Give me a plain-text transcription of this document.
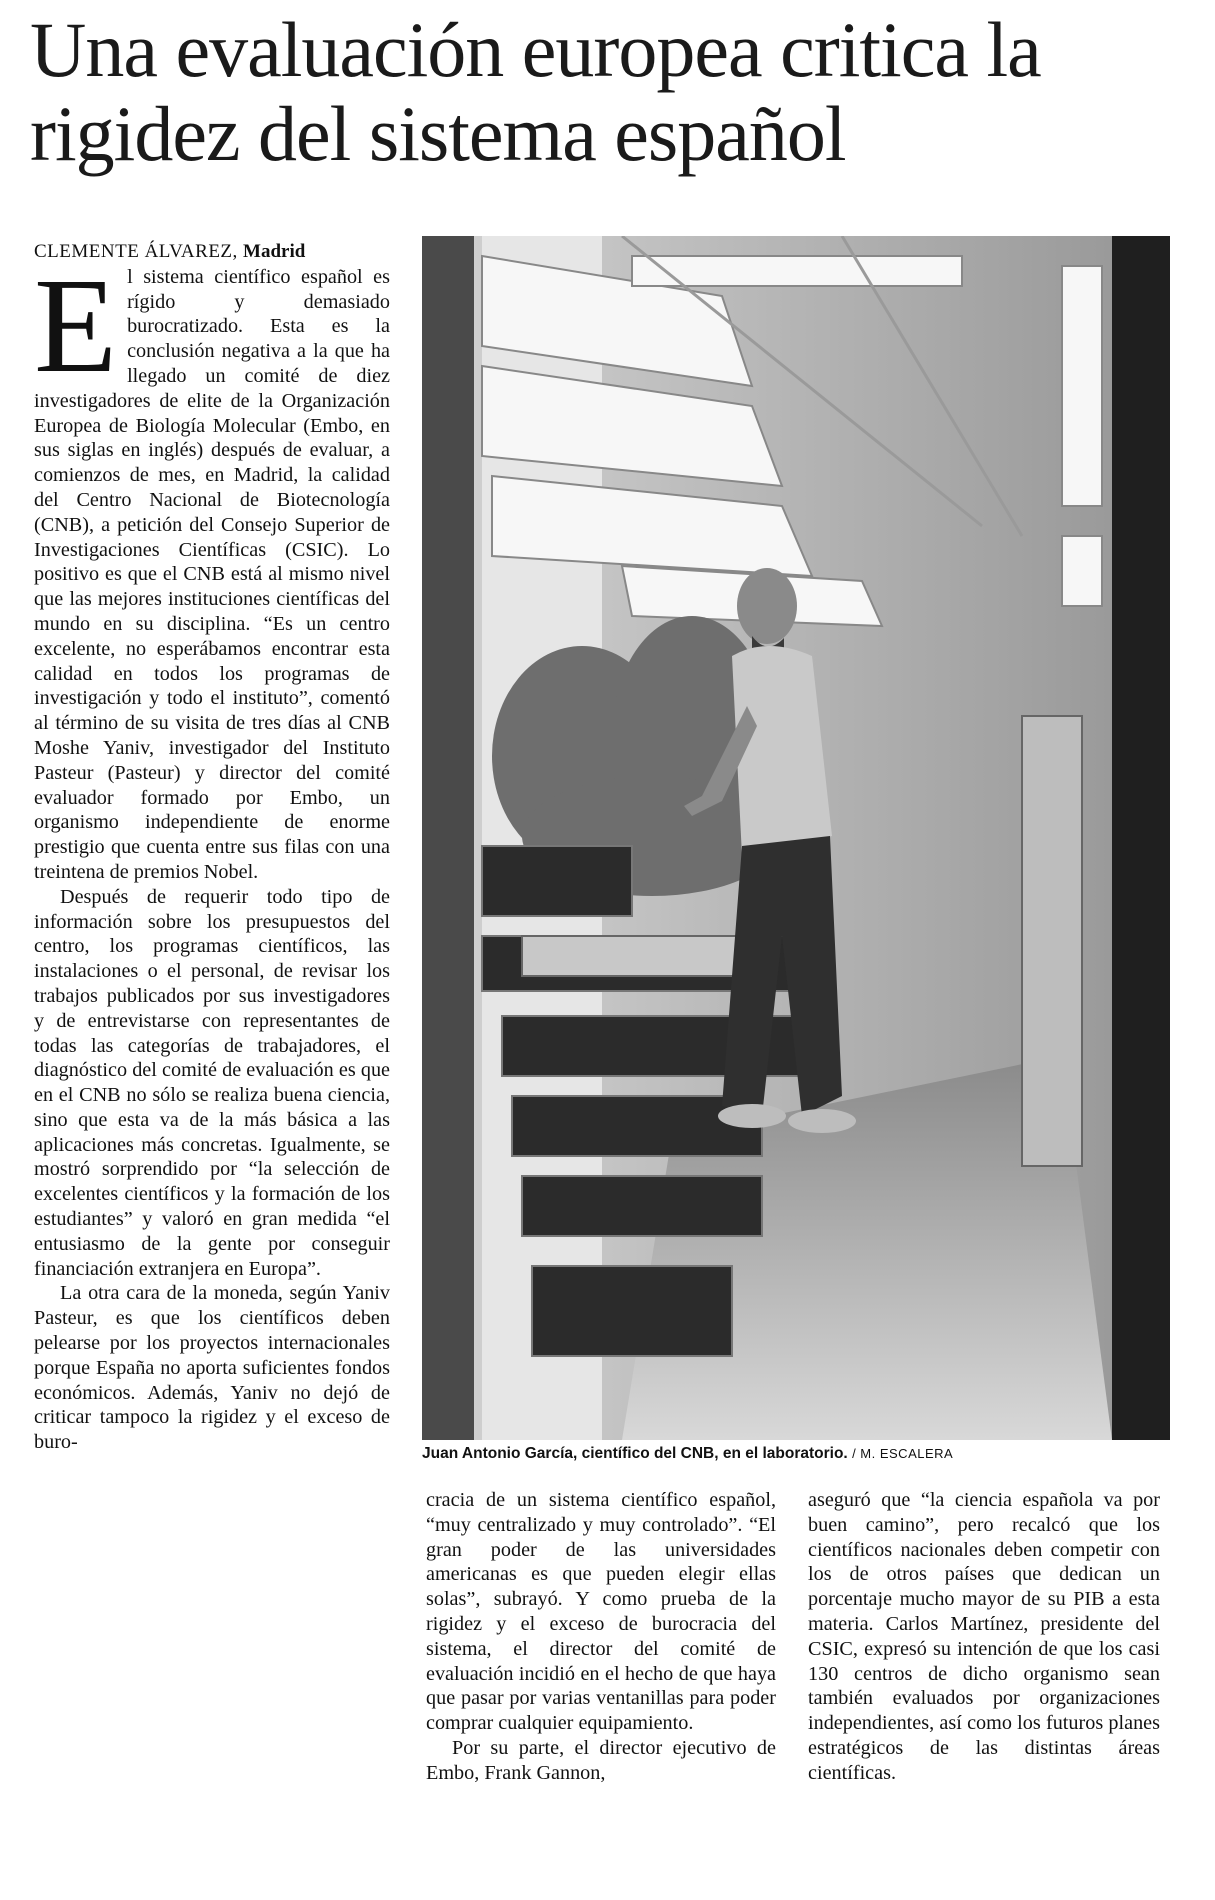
Una evaluación europea critica la rigidez del sistema español

CLEMENTE ÁLVAREZ, Madrid

El sistema científico español es rígido y demasiado burocratizado. Esta es la conclusión negativa a la que ha llegado un comité de diez investigadores de elite de la Organización Europea de Biología Molecular (Embo, en sus siglas en inglés) después de evaluar, a comienzos de mes, en Madrid, la calidad del Centro Nacional de Biotecnología (CNB), a petición del Consejo Superior de Investigaciones Científicas (CSIC). Lo positivo es que el CNB está al mismo nivel que las mejores instituciones científicas del mundo en su disciplina. “Es un centro excelente, no esperábamos encontrar esta calidad en todos los programas de investigación y todo el instituto”, comentó al término de su visita de tres días al CNB Moshe Yaniv, investigador del Instituto Pasteur (Pasteur) y director del comité evaluador formado por Embo, un organismo independiente de enorme prestigio que cuenta entre sus filas con una treintena de premios Nobel.

Después de requerir todo tipo de información sobre los presupuestos del centro, los programas científicos, las instalaciones o el personal, de revisar los trabajos publicados por sus investigadores y de entrevistarse con representantes de todas las categorías de trabajadores, el diagnóstico del comité de evaluación es que en el CNB no sólo se realiza buena ciencia, sino que esta va de la más básica a las aplicaciones más concretas. Igualmente, se mostró sorprendido por “la selección de excelentes científicos y la formación de los estudiantes” y valoró en gran medida “el entusiasmo de la gente por conseguir financiación extranjera en Europa”.

La otra cara de la moneda, según Yaniv Pasteur, es que los científicos deben pelearse por los proyectos internacionales porque España no aporta suficientes fondos económicos. Además, Yaniv no dejó de criticar tampoco la rigidez y el exceso de buro-

Juan Antonio García, científico del CNB, en el laboratorio. / M. ESCALERA

cracia de un sistema científico español, “muy centralizado y muy controlado”. “El gran poder de las universidades americanas es que pueden elegir ellas solas”, subrayó. Y como prueba de la rigidez y el exceso de burocracia del sistema, el director del comité de evaluación incidió en el hecho de que haya que pasar por varias ventanillas para poder comprar cualquier equipamiento.

Por su parte, el director ejecutivo de Embo, Frank Gannon,

aseguró que “la ciencia española va por buen camino”, pero recalcó que los científicos nacionales deben competir con los de otros países que dedican un porcentaje mucho mayor de su PIB a esta materia. Carlos Martínez, presidente del CSIC, expresó su intención de que los casi 130 centros de dicho organismo sean también evaluados por organizaciones independientes, así como los futuros planes estratégicos de las distintas áreas científicas.
